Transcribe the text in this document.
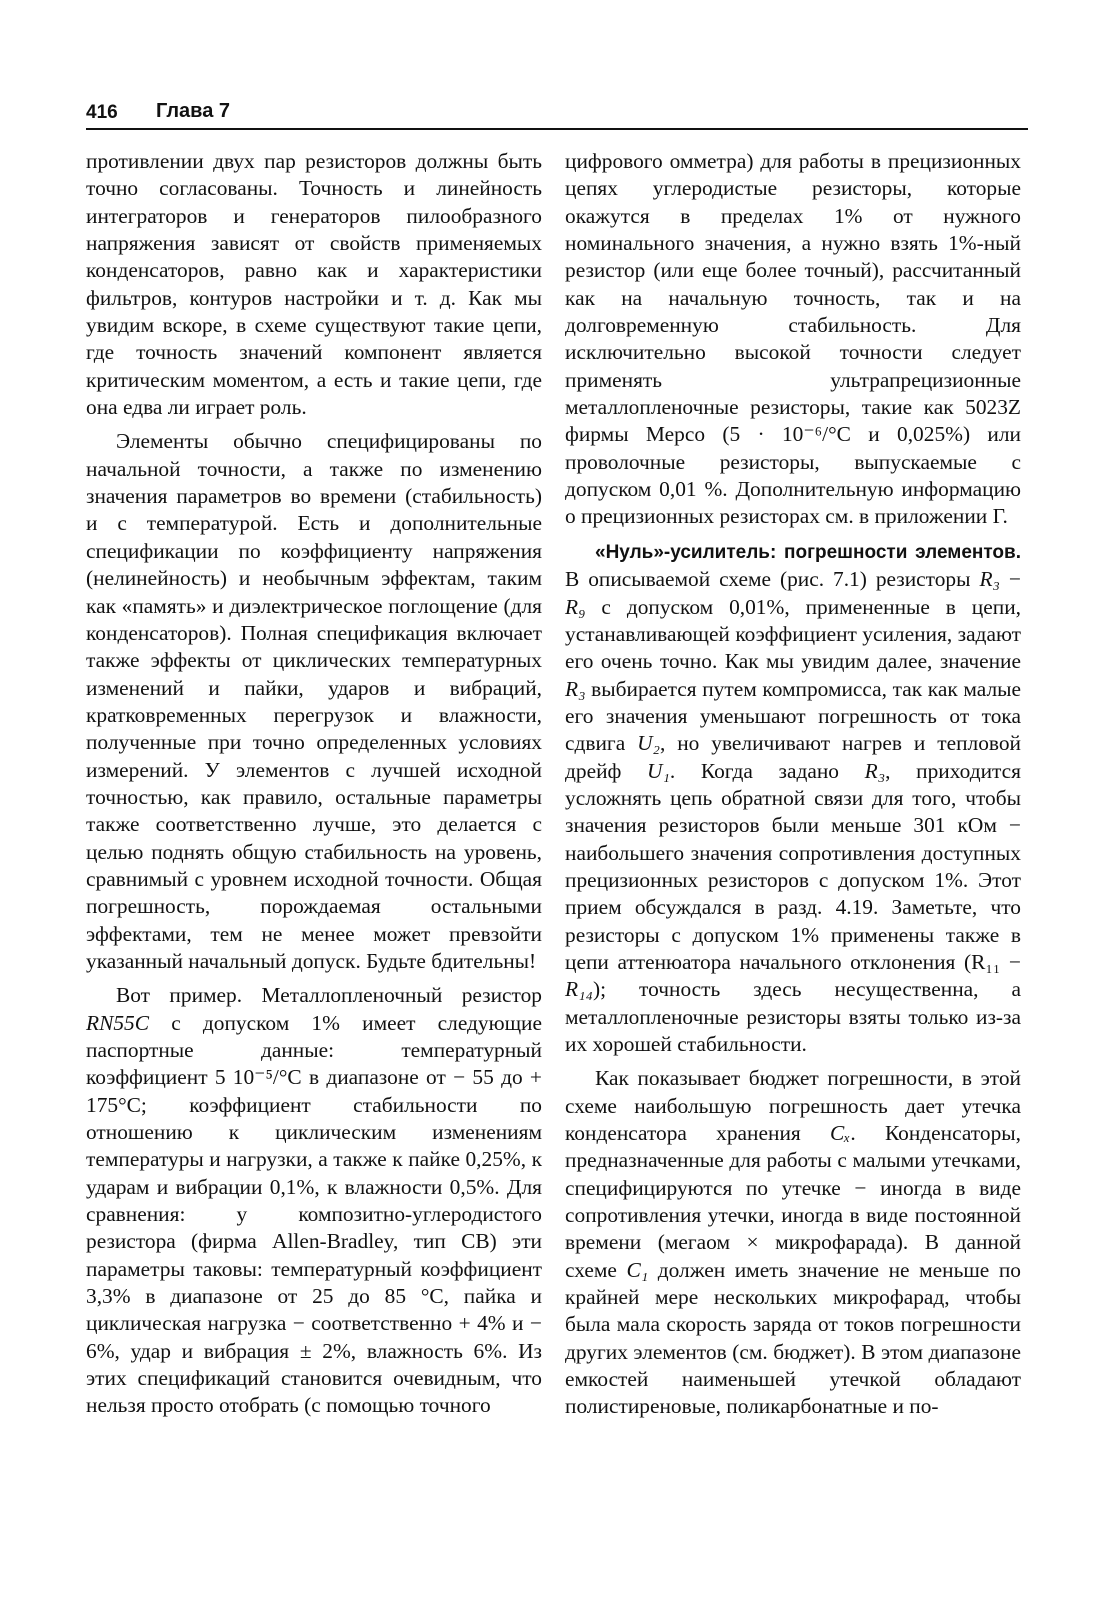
416 Глава 7

противлении двух пар резисторов должны быть точно согласованы. Точность и линейность интеграторов и генераторов пилообразного напряжения зависят от свойств применяемых конденсаторов, равно как и характеристики фильтров, контуров настройки и т. д. Как мы увидим вскоре, в схеме существуют такие цепи, где точность значений компонент является критическим моментом, а есть и такие цепи, где она едва ли играет роль.

Элементы обычно специфицированы по начальной точности, а также по изменению значения параметров во времени (стабильность) и с температурой. Есть и дополнительные спецификации по коэффициенту напряжения (нелинейность) и необычным эффектам, таким как «память» и диэлектрическое поглощение (для конденсаторов). Полная спецификация включает также эффекты от циклических температурных изменений и пайки, ударов и вибраций, кратковременных перегрузок и влажности, полученные при точно определенных условиях измерений. У элементов с лучшей исходной точностью, как правило, остальные параметры также соответственно лучше, это делается с целью поднять общую стабильность на уровень, сравнимый с уровнем исходной точности. Общая погрешность, порождаемая остальными эффектами, тем не менее может превзойти указанный начальный допуск. Будьте бдительны!

Вот пример. Металлопленочный резистор RN55C с допуском 1% имеет следующие паспортные данные: температурный коэффициент 5 10⁻⁵/°С в диапазоне от − 55 до + 175°С; коэффициент стабильности по отношению к циклическим изменениям температуры и нагрузки, а также к пайке 0,25%, к ударам и вибрации 0,1%, к влажности 0,5%. Для сравнения: у композитно-углеродистого резистора (фирма Allen-Bradley, тип СВ) эти параметры таковы: температурный коэффициент 3,3% в диапазоне от 25 до 85 °С, пайка и циклическая нагрузка − соответственно + 4% и − 6%, удар и вибрация ± 2%, влажность 6%. Из этих спецификаций становится очевидным, что нельзя просто отобрать (с помощью точного

цифрового омметра) для работы в прецизионных цепях углеродистые резисторы, которые окажутся в пределах 1% от нужного номинального значения, а нужно взять 1%-ный резистор (или еще более точный), рассчитанный как на начальную точность, так и на долговременную стабильность. Для исключительно высокой точности следует применять ультрапрецизионные металлопленочные резисторы, такие как 5023Z фирмы Мерсо (5 · 10⁻⁶/°С и 0,025%) или проволочные резисторы, выпускаемые с допуском 0,01 %. Дополнительную информацию о прецизионных резисторах см. в приложении Г.

«Нуль»-усилитель: погрешности элементов. В описываемой схеме (рис. 7.1) резисторы R₃ − R₉ с допуском 0,01%, примененные в цепи, устанавливающей коэффициент усиления, задают его очень точно. Как мы увидим далее, значение R₃ выбирается путем компромисса, так как малые его значения уменьшают погрешность от тока сдвига U₂, но увеличивают нагрев и тепловой дрейф U₁. Когда задано R₃, приходится усложнять цепь обратной связи для того, чтобы значения резисторов были меньше 301 кОм − наибольшего значения сопротивления доступных прецизионных резисторов с допуском 1%. Этот прием обсуждался в разд. 4.19. Заметьте, что резисторы с допуском 1% применены также в цепи аттенюатора начального отклонения (R₁₁ − R₁₄); точность здесь несущественна, а металлопленочные резисторы взяты только из-за их хорошей стабильности.

Как показывает бюджет погрешности, в этой схеме наибольшую погрешность дает утечка конденсатора хранения Cₓ. Конденсаторы, предназначенные для работы с малыми утечками, специфицируются по утечке − иногда в виде сопротивления утечки, иногда в виде постоянной времени (мегаом × микрофарада). В данной схеме C₁ должен иметь значение не меньше по крайней мере нескольких микрофарад, чтобы была мала скорость заряда от токов погрешности других элементов (см. бюджет). В этом диапазоне емкостей наименьшей утечкой обладают полистиреновые, поликарбонатные и по-
